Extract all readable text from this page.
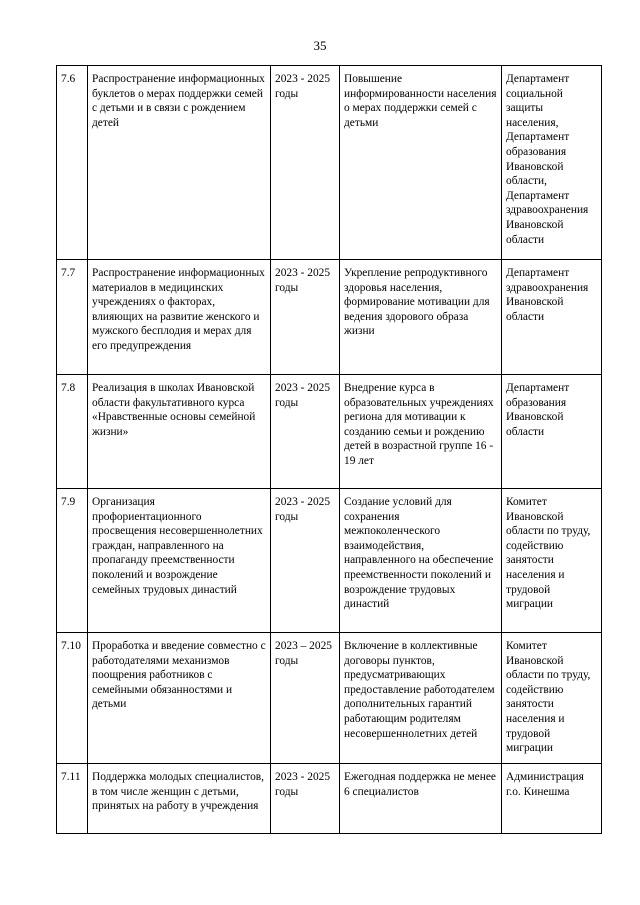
35
7.6	Распространение информационных буклетов о мерах поддержки семей с детьми и в связи с рождением детей	2023 - 2025 годы	Повышение информированности населения о мерах поддержки семей с детьми	Департамент социальной защиты населения, Департамент образования Ивановской области, Департамент здравоохранения Ивановской области
7.7	Распространение информационных материалов в медицинских учреждениях о факторах, влияющих на развитие женского и мужского бесплодия и мерах для его предупреждения	2023 - 2025 годы	Укрепление репродуктивного здоровья населения, формирование мотивации для ведения здорового образа жизни	Департамент здравоохранения Ивановской области
7.8	Реализация в школах Ивановской области факультативного курса «Нравственные основы семейной жизни»	2023 - 2025 годы	Внедрение курса в образовательных учреждениях региона для мотивации к созданию семьи и рождению детей в возрастной группе 16 - 19 лет	Департамент образования Ивановской области
7.9	Организация профориентационного просвещения несовершеннолетних граждан, направленного на пропаганду преемственности поколений и возрождение семейных трудовых династий	2023 - 2025 годы	Создание условий для сохранения межпоколенческого взаимодействия, направленного на обеспечение преемственности поколений и возрождение трудовых династий	Комитет Ивановской области по труду, содействию занятости населения и трудовой миграции
7.10	Проработка и введение совместно с работодателями механизмов поощрения работников с семейными обязанностями и детьми	2023 – 2025 годы	Включение в коллективные договоры пунктов, предусматривающих предоставление работодателем дополнительных гарантий работающим родителям несовершеннолетних детей	Комитет Ивановской области по труду, содействию занятости населения и трудовой миграции
7.11	Поддержка молодых специалистов, в том числе женщин с детьми, принятых на работу в учреждения	2023 - 2025 годы	Ежегодная поддержка не менее 6 специалистов	Администрация г.о. Кинешма
